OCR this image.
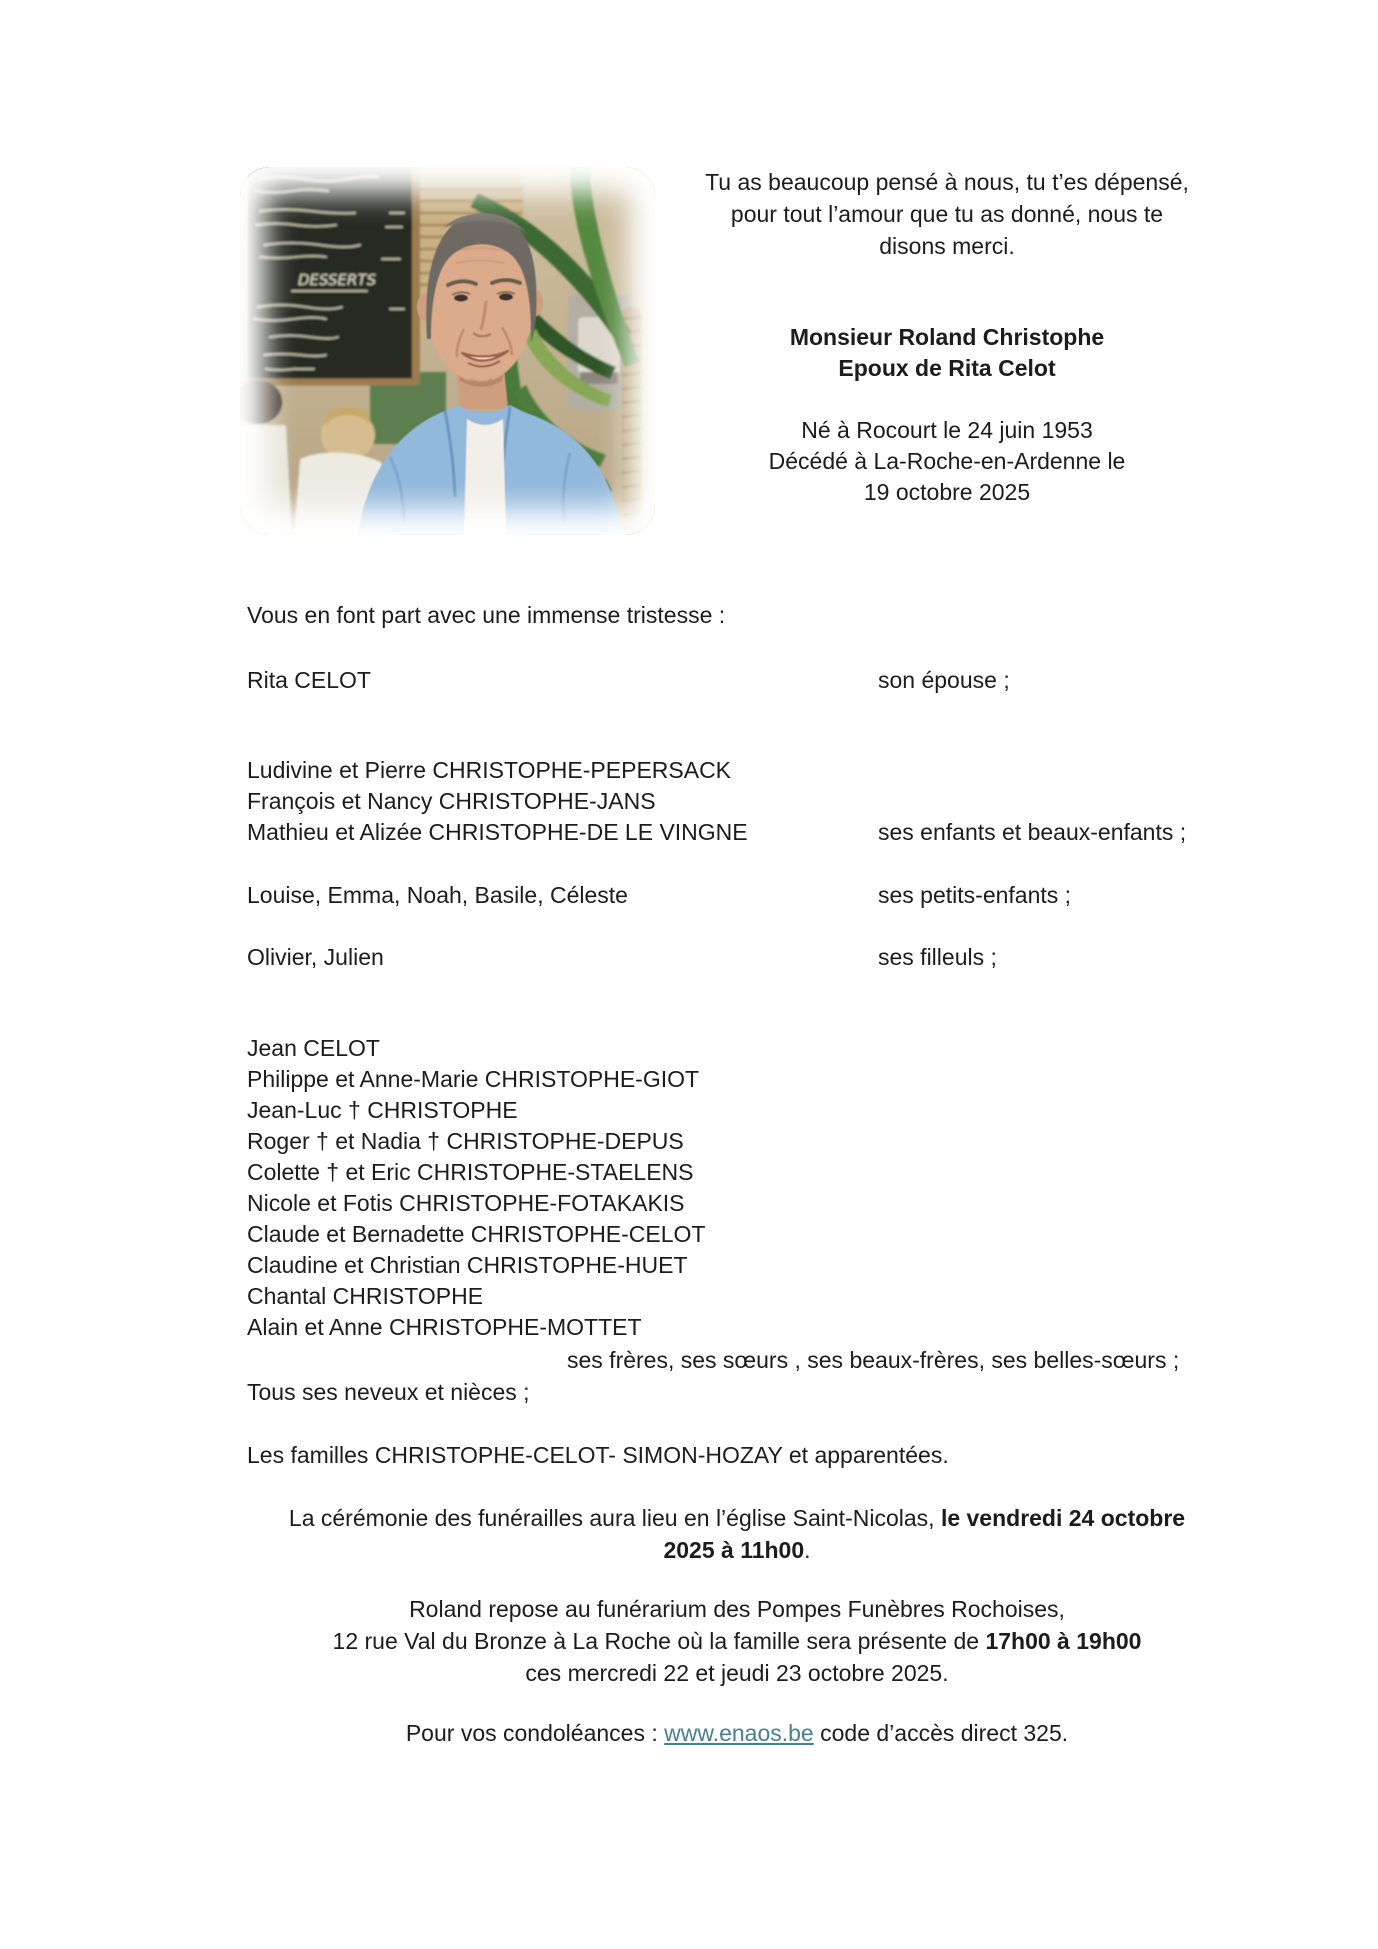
DESSERTS
Tu as beaucoup pensé à nous, tu t’es dépensé,
pour tout l’amour que tu as donné, nous te
disons merci.
Monsieur Roland Christophe
Epoux de Rita Celot
Né à Rocourt le 24 juin 1953
Décédé à La-Roche-en-Ardenne le
19 octobre 2025
Vous en font part avec une immense tristesse :
Rita CELOT	son épouse ;
Ludivine et Pierre CHRISTOPHE-PEPERSACK
François et Nancy CHRISTOPHE-JANS
Mathieu et Alizée CHRISTOPHE-DE LE VINGNE	ses enfants et beaux-enfants ;
Louise, Emma, Noah, Basile, Céleste	ses petits-enfants ;
Olivier, Julien	ses filleuls ;
Jean CELOT
Philippe et Anne-Marie CHRISTOPHE-GIOT
Jean-Luc † CHRISTOPHE
Roger † et Nadia † CHRISTOPHE-DEPUS
Colette † et Eric CHRISTOPHE-STAELENS
Nicole et Fotis CHRISTOPHE-FOTAKAKIS
Claude et Bernadette CHRISTOPHE-CELOT
Claudine et Christian CHRISTOPHE-HUET
Chantal CHRISTOPHE
Alain et Anne CHRISTOPHE-MOTTET
ses frères, ses sœurs , ses beaux-frères, ses belles-sœurs ;
Tous ses neveux et nièces ;
Les familles CHRISTOPHE-CELOT- SIMON-HOZAY et apparentées.
La cérémonie des funérailles aura lieu en l’église Saint-Nicolas, le vendredi 24 octobre
2025 à 11h00.
Roland repose au funérarium des Pompes Funèbres Rochoises,
12 rue Val du Bronze à La Roche où la famille sera présente de 17h00 à 19h00
ces mercredi 22 et jeudi 23 octobre 2025.
Pour vos condoléances : www.enaos.be code d’accès direct 325.
